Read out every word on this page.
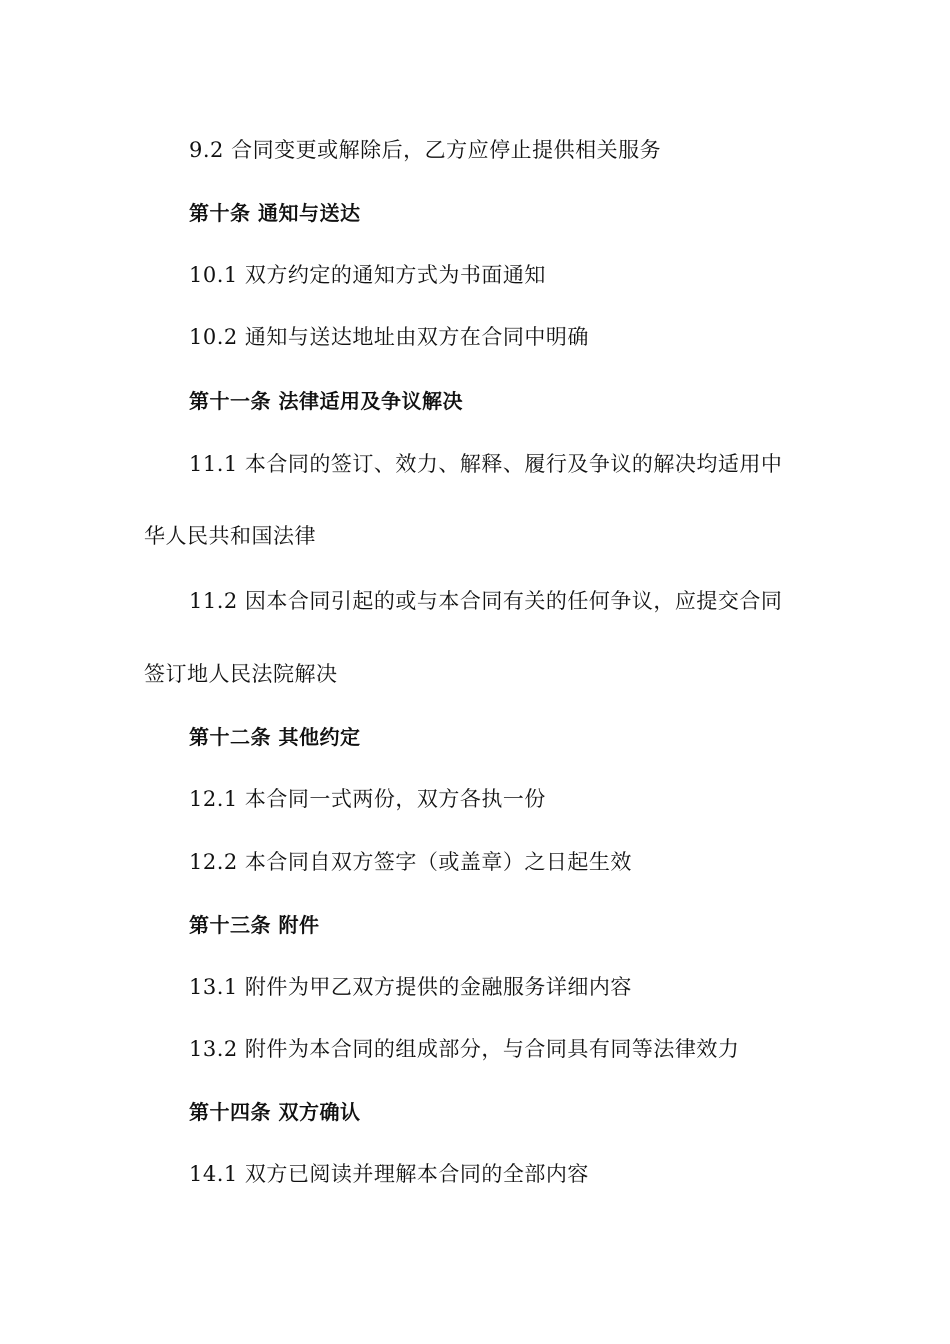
9.2 合同变更或解除后，乙方应停止提供相关服务
第十条 通知与送达
10.1 双方约定的通知方式为书面通知
10.2 通知与送达地址由双方在合同中明确
第十一条 法律适用及争议解决
11.1 本合同的签订、效力、解释、履行及争议的解决均适用中
华人民共和国法律
11.2 因本合同引起的或与本合同有关的任何争议，应提交合同
签订地人民法院解决
第十二条 其他约定
12.1 本合同一式两份，双方各执一份
12.2 本合同自双方签字（或盖章）之日起生效
第十三条 附件
13.1 附件为甲乙双方提供的金融服务详细内容
13.2 附件为本合同的组成部分，与合同具有同等法律效力
第十四条 双方确认
14.1 双方已阅读并理解本合同的全部内容
